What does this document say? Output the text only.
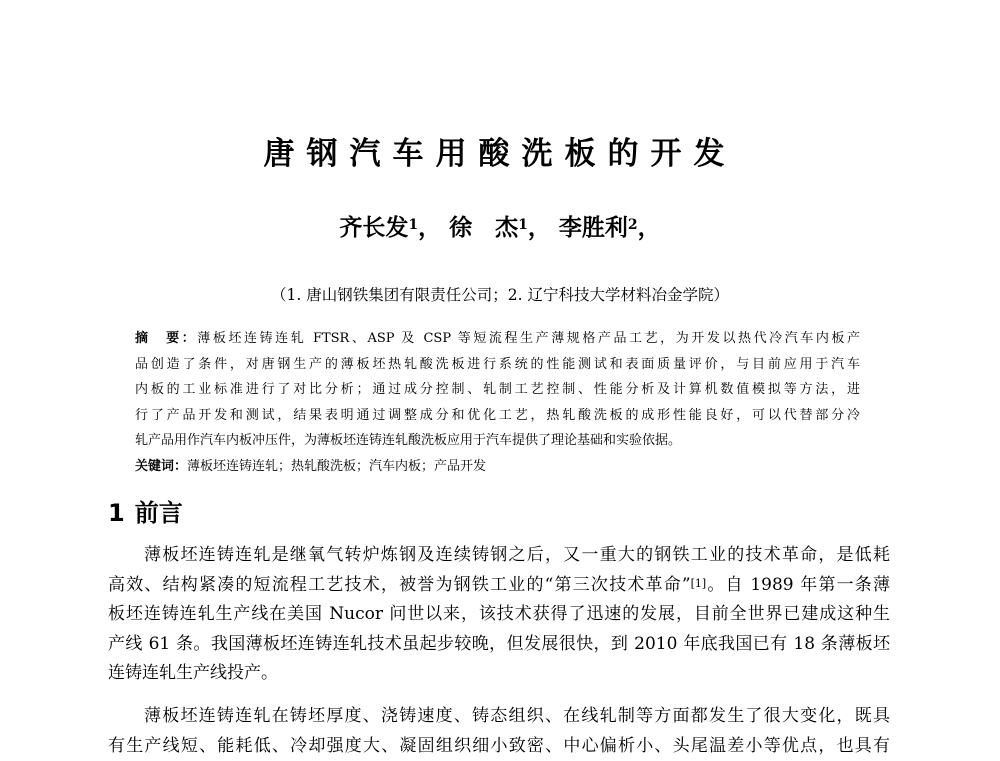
唐钢汽车用酸洗板的开发
齐长发$^1$， 徐　杰$^1$， 李胜利$^2$，
（1. 唐山钢铁集团有限责任公司；2. 辽宁科技大学材料冶金学院）
摘　要：薄板坯连铸连轧 FTSR、ASP 及 CSP 等短流程生产薄规格产品工艺，为开发以热代冷汽车内板产
品创造了条件，对唐钢生产的薄板坯热轧酸洗板进行系统的性能测试和表面质量评价，与目前应用于汽车
内板的工业标准进行了对比分析；通过成分控制、轧制工艺控制、性能分析及计算机数值模拟等方法，进
行了产品开发和测试，结果表明通过调整成分和优化工艺，热轧酸洗板的成形性能良好，可以代替部分冷
轧产品用作汽车内板冲压件，为薄板坯连铸连轧酸洗板应用于汽车提供了理论基础和实验依据。
关键词：薄板坯连铸连轧；热轧酸洗板；汽车内板；产品开发
1 前言
薄板坯连铸连轧是继氧气转炉炼钢及连续铸钢之后，又一重大的钢铁工业的技术革命，是低耗
高效、结构紧凑的短流程工艺技术，被誉为钢铁工业的“第三次技术革命”[1]。自 1989 年第一条薄
板坯连铸连轧生产线在美国 Nucor 问世以来，该技术获得了迅速的发展，目前全世界已建成这种生
产线 61 条。我国薄板坯连铸连轧技术虽起步较晚，但发展很快，到 2010 年底我国已有 18 条薄板坯
连铸连轧生产线投产。
薄板坯连铸连轧在铸坯厚度、浇铸速度、铸态组织、在线轧制等方面都发生了很大变化，既具
有生产线短、能耗低、冷却强度大、凝固组织细小致密、中心偏析小、头尾温差小等优点，也具有
